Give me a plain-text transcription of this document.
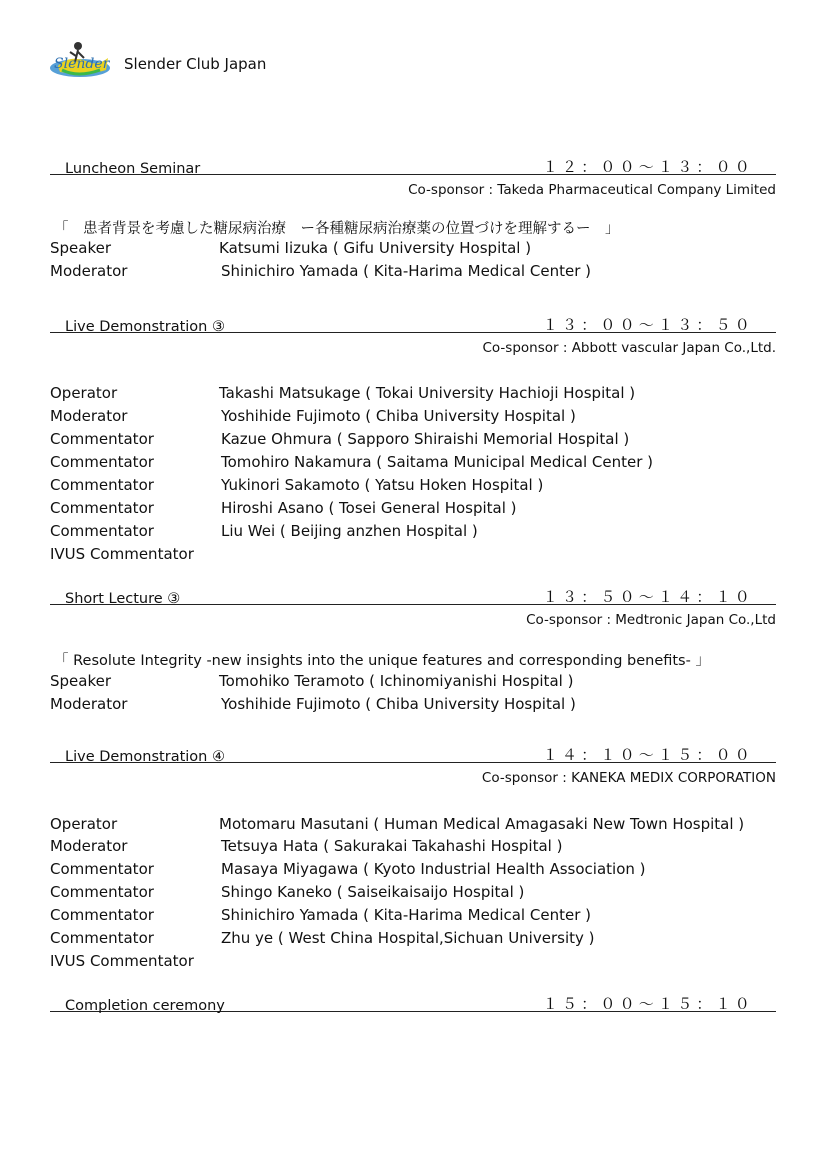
Slender Slender Club Japan
Luncheon Seminar	１２：００～１３：００
Co-sponsor : Takeda Pharmaceutical Company Limited
「　患者背景を考慮した糖尿病治療　ー各種糖尿病治療薬の位置づけを理解するー　」
Speaker	Katsumi Iizuka ( Gifu University Hospital )
Moderator	Shinichiro Yamada ( Kita-Harima Medical Center )
Live Demonstration ③	１３：００～１３：５０
Co-sponsor : Abbott vascular Japan Co.,Ltd.
Operator	Takashi Matsukage ( Tokai University Hachioji Hospital )
Moderator	Yoshihide Fujimoto ( Chiba University Hospital )
Commentator	Kazue Ohmura ( Sapporo Shiraishi Memorial Hospital )
Commentator	Tomohiro Nakamura ( Saitama Municipal Medical Center )
Commentator	Yukinori Sakamoto ( Yatsu Hoken Hospital )
Commentator	Hiroshi Asano ( Tosei General Hospital )
Commentator	Liu Wei ( Beijing anzhen Hospital )
IVUS Commentator
Short Lecture ③	１３：５０～１４：１０
Co-sponsor : Medtronic Japan Co.,Ltd
「 Resolute Integrity -new insights into the unique features and corresponding benefits- 」
Speaker	Tomohiko Teramoto ( Ichinomiyanishi Hospital )
Moderator	Yoshihide Fujimoto ( Chiba University Hospital )
Live Demonstration ④	１４：１０～１５：００
Co-sponsor : KANEKA MEDIX CORPORATION
Operator	Motomaru Masutani ( Human Medical Amagasaki New Town Hospital )
Moderator	Tetsuya Hata ( Sakurakai Takahashi Hospital )
Commentator	Masaya Miyagawa ( Kyoto Industrial Health Association )
Commentator	Shingo Kaneko ( Saiseikaisaijo Hospital )
Commentator	Shinichiro Yamada ( Kita-Harima Medical Center )
Commentator	Zhu ye ( West China Hospital,Sichuan University )
IVUS Commentator
Completion ceremony	１５：００～１５：１０
